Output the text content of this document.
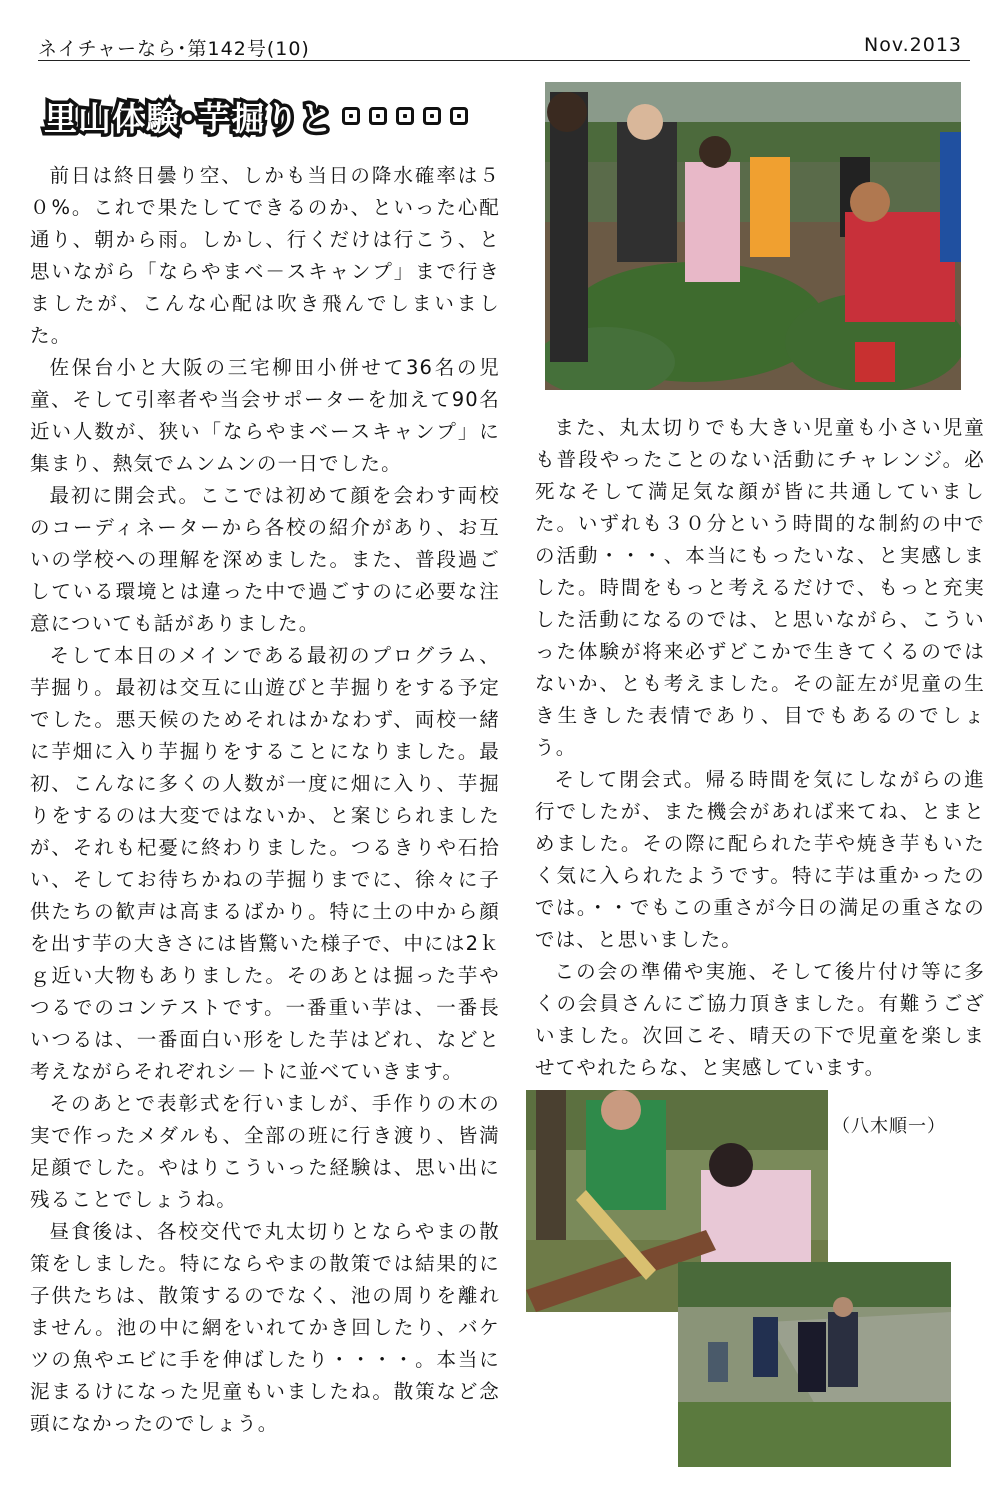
ネイチャーなら･第142号(10)	Nov.2013
里山体験･芋掘りと

前日は終日曇り空、しかも当日の降水確率は５０%。これで果たしてできるのか、といった心配通り、朝から雨。しかし、行くだけは行こう、と思いながら「ならやまベ－スキャンプ」まで行きましたが、こんな心配は吹き飛んでしまいました。

佐保台小と大阪の三宅柳田小併せて36名の児童、そして引率者や当会サポーターを加えて90名近い人数が、狭い「ならやまベースキャンプ」に集まり、熱気でムンムンの一日でした。

最初に開会式。ここでは初めて顔を会わす両校のコーディネーターから各校の紹介があり、お互いの学校への理解を深めました。また、普段過ごしている環境とは違った中で過ごすのに必要な注意についても話がありました。

そして本日のメインである最初のプログラム、芋掘り。最初は交互に山遊びと芋掘りをする予定でした。悪天候のためそれはかなわず、両校一緒に芋畑に入り芋掘りをすることになりました。最初、こんなに多くの人数が一度に畑に入り、芋掘りをするのは大変ではないか、と案じられましたが、それも杞憂に終わりました。つるきりや石拾い、そしてお待ちかねの芋掘りまでに、徐々に子供たちの歓声は高まるばかり。特に土の中から顔を出す芋の大きさには皆驚いた様子で、中には2ｋｇ近い大物もありました。そのあとは掘った芋やつるでのコンテストです。一番重い芋は、一番長いつるは、一番面白い形をした芋はどれ、などと考えながらそれぞれシ－トに並べていきます。

そのあとで表彰式を行いましが、手作りの木の実で作ったメダルも、全部の班に行き渡り、皆満足顔でした。やはりこういった経験は、思い出に残ることでしょうね。

昼食後は、各校交代で丸太切りとならやまの散策をしました。特にならやまの散策では結果的に子供たちは、散策するのでなく、池の周りを離れません。池の中に網をいれてかき回したり、バケツの魚やエビに手を伸ばしたり・・・・。本当に泥まるけになった児童もいましたね。散策など念頭になかったのでしょう。

また、丸太切りでも大きい児童も小さい児童も普段やったことのない活動にチャレンジ。必死なそして満足気な顔が皆に共通していました。いずれも３０分という時間的な制約の中での活動・・・、本当にもったいな、と実感しました。時間をもっと考えるだけで、もっと充実した活動になるのでは、と思いながら、こういった体験が将来必ずどこかで生きてくるのではないか、とも考えました。その証左が児童の生き生きした表情であり、目でもあるのでしょう。

そして閉会式。帰る時間を気にしながらの進行でしたが、また機会があれば来てね、とまとめました。その際に配られた芋や焼き芋もいたく気に入られたようです。特に芋は重かったのでは。・・でもこの重さが今日の満足の重さなのでは、と思いました。

この会の準備や実施、そして後片付け等に多くの会員さんにご協力頂きました。有難うございました。次回こそ、晴天の下で児童を楽しませてやれたらな、と実感しています。

（八木順一）
